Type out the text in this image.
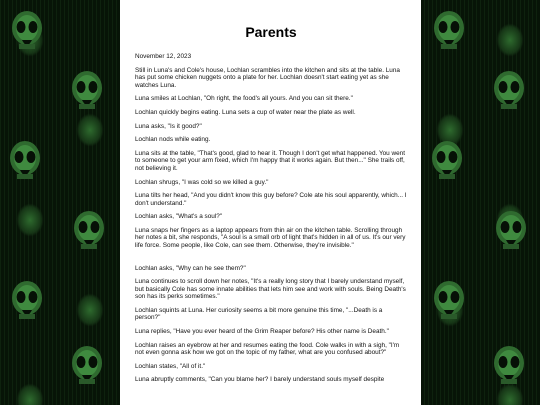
Parents

November 12, 2023

Still in Luna's and Cole's house, Lochlan scrambles into the kitchen and sits at the table. Luna has put some chicken nuggets onto a plate for her. Lochlan doesn't start eating yet as she watches Luna.

Luna smiles at Lochlan, "Oh right, the food's all yours. And you can sit there."

Lochlan quickly begins eating. Luna sets a cup of water near the plate as well.

Luna asks, "Is it good?"

Lochlan nods while eating.

Luna sits at the table, "That's good, glad to hear it. Though I don't get what happened. You went to someone to get your arm fixed, which I'm happy that it works again. But then..." She trails off, not believing it.

Lochlan shrugs, "I was cold so we killed a guy."

Luna tilts her head, "And you didn't know this guy before? Cole ate his soul apparently, which... I don't understand."

Lochlan asks, "What's a soul?"

Luna snaps her fingers as a laptop appears from thin air on the kitchen table. Scrolling through her notes a bit, she responds, "A soul is a small orb of light that's hidden in all of us. It's our very life force. Some people, like Cole, can see them. Otherwise, they're invisible."

Lochlan asks, "Why can he see them?"

Luna continues to scroll down her notes, "It's a really long story that I barely understand myself, but basically Cole has some innate abilities that lets him see and work with souls. Being Death's son has its perks sometimes."

Lochlan squints at Luna. Her curiosity seems a bit more genuine this time, "...Death is a person?"

Luna replies, "Have you ever heard of the Grim Reaper before? His other name is Death."

Lochlan raises an eyebrow at her and resumes eating the food. Cole walks in with a sigh, "I'm not even gonna ask how we got on the topic of my father, what are you confused about?"

Lochlan states, "All of it."

Luna abruptly comments, "Can you blame her? I barely understand souls myself despite
